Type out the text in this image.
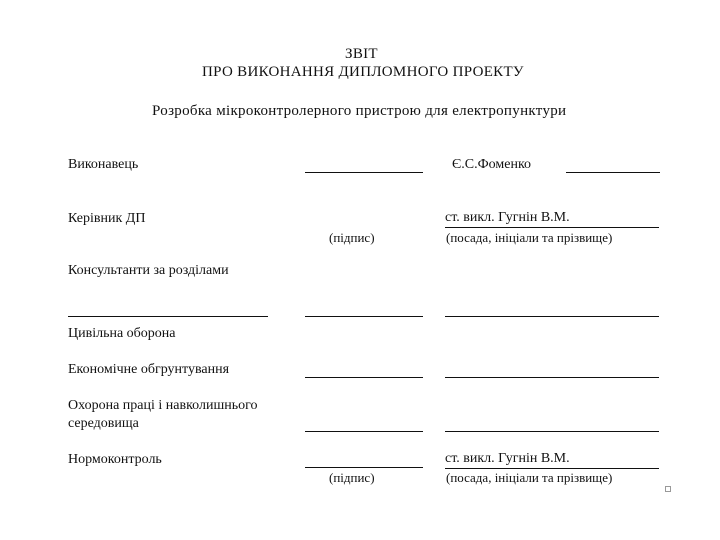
ЗВІТ
ПРО ВИКОНАННЯ ДИПЛОМНОГО ПРОЕКТУ
Розробка мікроконтролерного пристрою для електропунктури
Виконавець	Є.С.Фоменко
Керівник ДП	ст. викл. Гугнін В.М.
(підпис)	(посада, ініціали та прізвище)
Консультанти за розділами
Цивільна оборона
Економічне обгрунтування
Охорона праці і навколишнього
середовища
Нормоконтроль	ст. викл. Гугнін В.М.
(підпис)	(посада, ініціали та прізвище)
